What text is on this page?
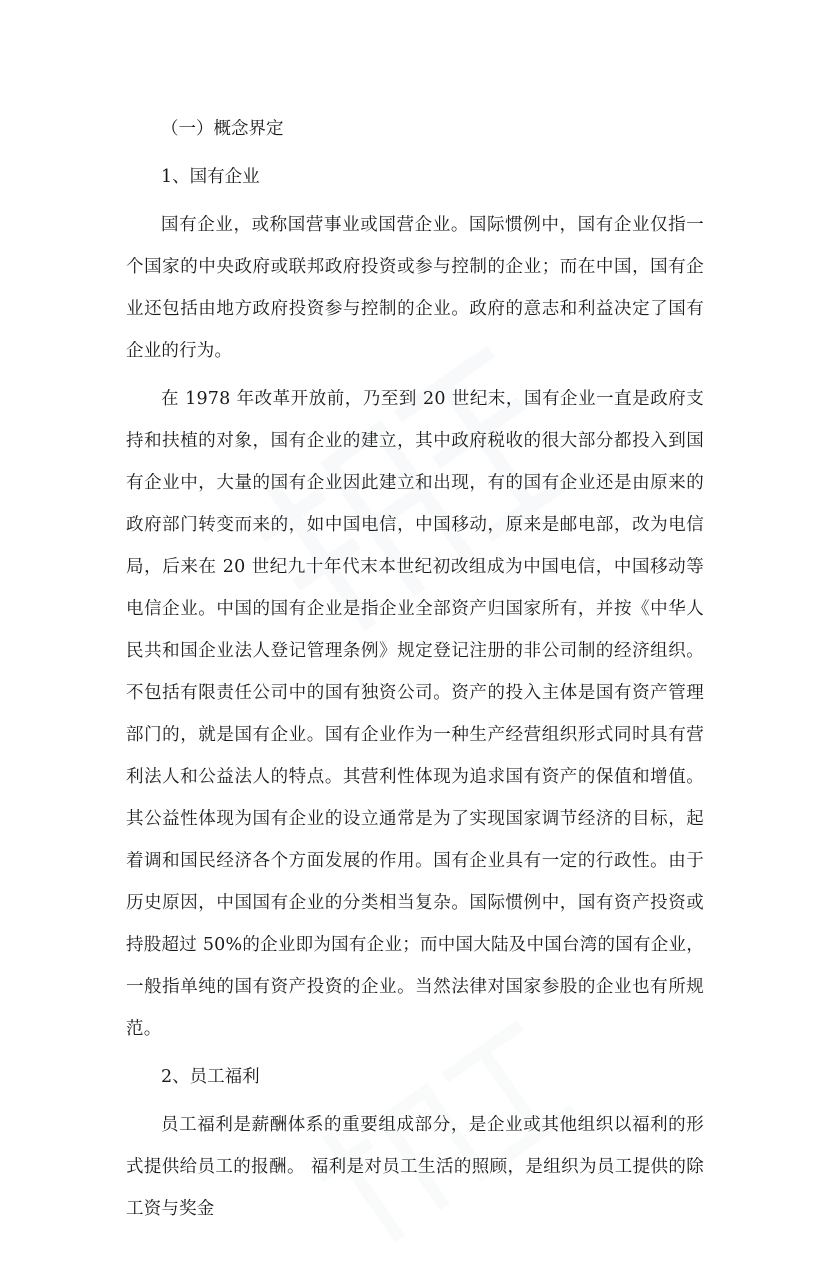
（一）概念界定

1、国有企业

国有企业，或称国营事业或国营企业。国际惯例中，国有企业仅指一个国家的中央政府或联邦政府投资或参与控制的企业；而在中国，国有企业还包括由地方政府投资参与控制的企业。政府的意志和利益决定了国有企业的行为。

在 1978 年改革开放前，乃至到 20 世纪末，国有企业一直是政府支持和扶植的对象，国有企业的建立，其中政府税收的很大部分都投入到国有企业中，大量的国有企业因此建立和出现，有的国有企业还是由原来的政府部门转变而来的，如中国电信，中国移动，原来是邮电部，改为电信局，后来在 20 世纪九十年代末本世纪初改组成为中国电信，中国移动等电信企业。中国的国有企业是指企业全部资产归国家所有，并按《中华人民共和国企业法人登记管理条例》规定登记注册的非公司制的经济组织。不包括有限责任公司中的国有独资公司。资产的投入主体是国有资产管理部门的，就是国有企业。国有企业作为一种生产经营组织形式同时具有营利法人和公益法人的特点。其营利性体现为追求国有资产的保值和增值。其公益性体现为国有企业的设立通常是为了实现国家调节经济的目标，起着调和国民经济各个方面发展的作用。国有企业具有一定的行政性。由于历史原因，中国国有企业的分类相当复杂。国际惯例中，国有资产投资或持股超过 50%的企业即为国有企业；而中国大陆及中国台湾的国有企业，一般指单纯的国有资产投资的企业。当然法律对国家参股的企业也有所规范。

2、员工福利

员工福利是薪酬体系的重要组成部分，是企业或其他组织以福利的形式提供给员工的报酬。 福利是对员工生活的照顾，是组织为员工提供的除工资与奖金
